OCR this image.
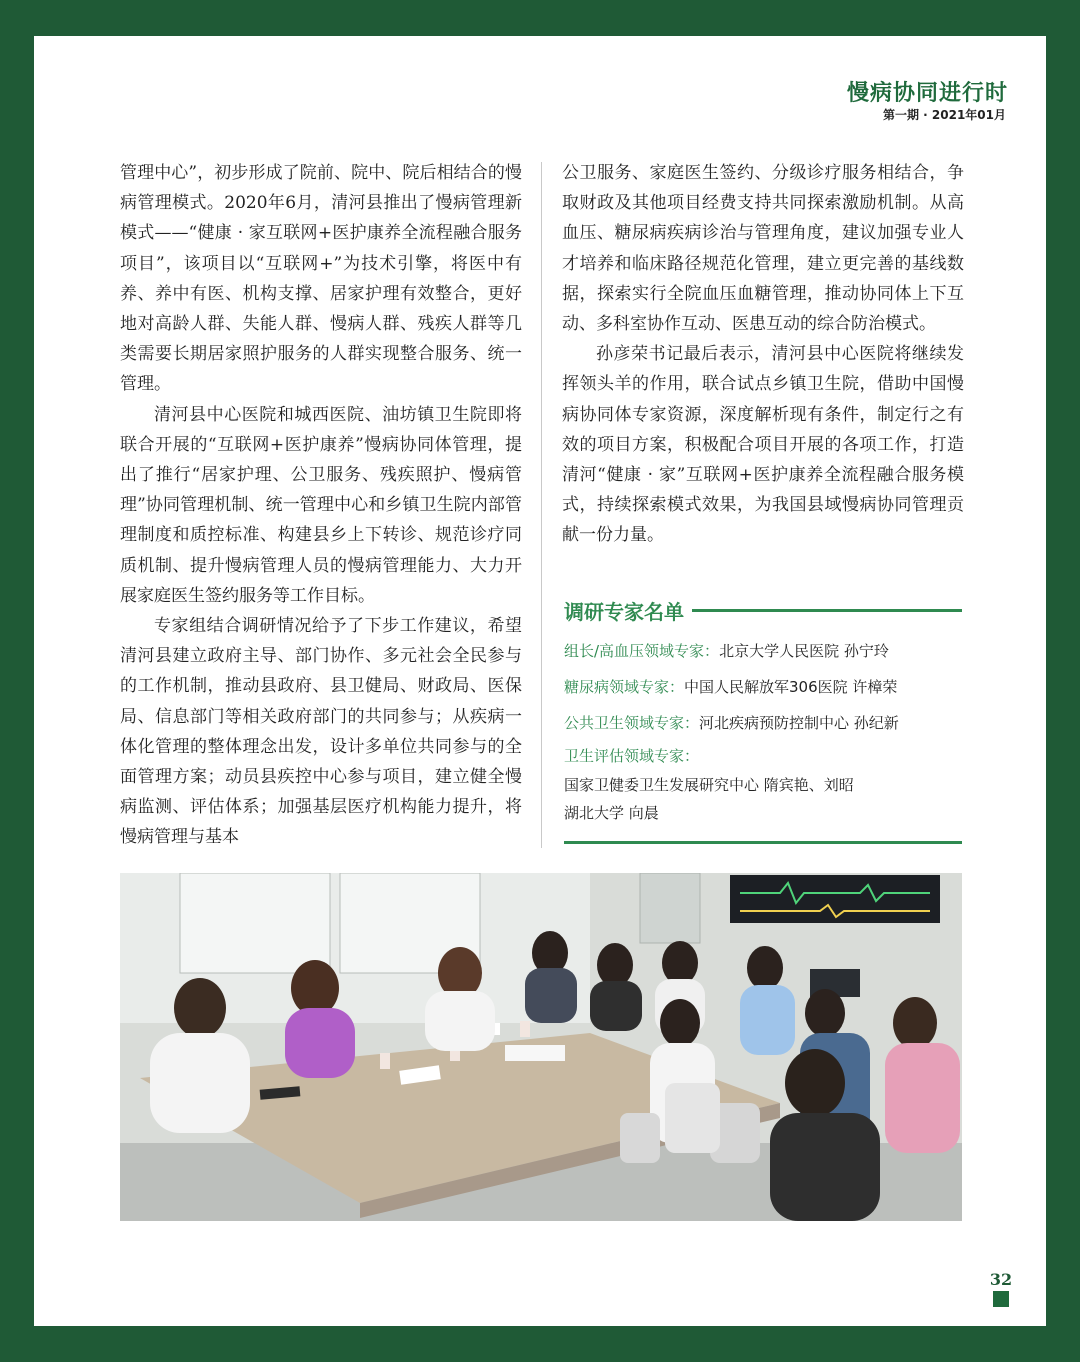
慢病协同进行时
第一期 · 2021年01月

管理中心”，初步形成了院前、院中、院后相结合的慢病管理模式。2020年6月，清河县推出了慢病管理新模式——“健康 · 家互联网+医护康养全流程融合服务项目”，该项目以“互联网+”为技术引擎，将医中有养、养中有医、机构支撑、居家护理有效整合，更好地对高龄人群、失能人群、慢病人群、残疾人群等几类需要长期居家照护服务的人群实现整合服务、统一管理。

清河县中心医院和城西医院、油坊镇卫生院即将联合开展的“互联网+医护康养”慢病协同体管理，提出了推行“居家护理、公卫服务、残疾照护、慢病管理”协同管理机制、统一管理中心和乡镇卫生院内部管理制度和质控标准、构建县乡上下转诊、规范诊疗同质机制、提升慢病管理人员的慢病管理能力、大力开展家庭医生签约服务等工作目标。

专家组结合调研情况给予了下步工作建议，希望清河县建立政府主导、部门协作、多元社会全民参与的工作机制，推动县政府、县卫健局、财政局、医保局、信息部门等相关政府部门的共同参与；从疾病一体化管理的整体理念出发，设计多单位共同参与的全面管理方案；动员县疾控中心参与项目，建立健全慢病监测、评估体系；加强基层医疗机构能力提升，将慢病管理与基本

公卫服务、家庭医生签约、分级诊疗服务相结合，争取财政及其他项目经费支持共同探索激励机制。从高血压、糖尿病疾病诊治与管理角度，建议加强专业人才培养和临床路径规范化管理，建立更完善的基线数据，探索实行全院血压血糖管理，推动协同体上下互动、多科室协作互动、医患互动的综合防治模式。

孙彦荣书记最后表示，清河县中心医院将继续发挥领头羊的作用，联合试点乡镇卫生院，借助中国慢病协同体专家资源，深度解析现有条件，制定行之有效的项目方案，积极配合项目开展的各项工作，打造清河“健康 · 家”互联网+医护康养全流程融合服务模式，持续探索模式效果，为我国县域慢病协同管理贡献一份力量。

调研专家名单
组长/高血压领域专家：北京大学人民医院 孙宁玲
糖尿病领域专家：中国人民解放军306医院 许樟荣
公共卫生领域专家：河北疾病预防控制中心 孙纪新
卫生评估领域专家：
国家卫健委卫生发展研究中心 隋宾艳、刘昭
湖北大学 向晨
32
慢病协同体
